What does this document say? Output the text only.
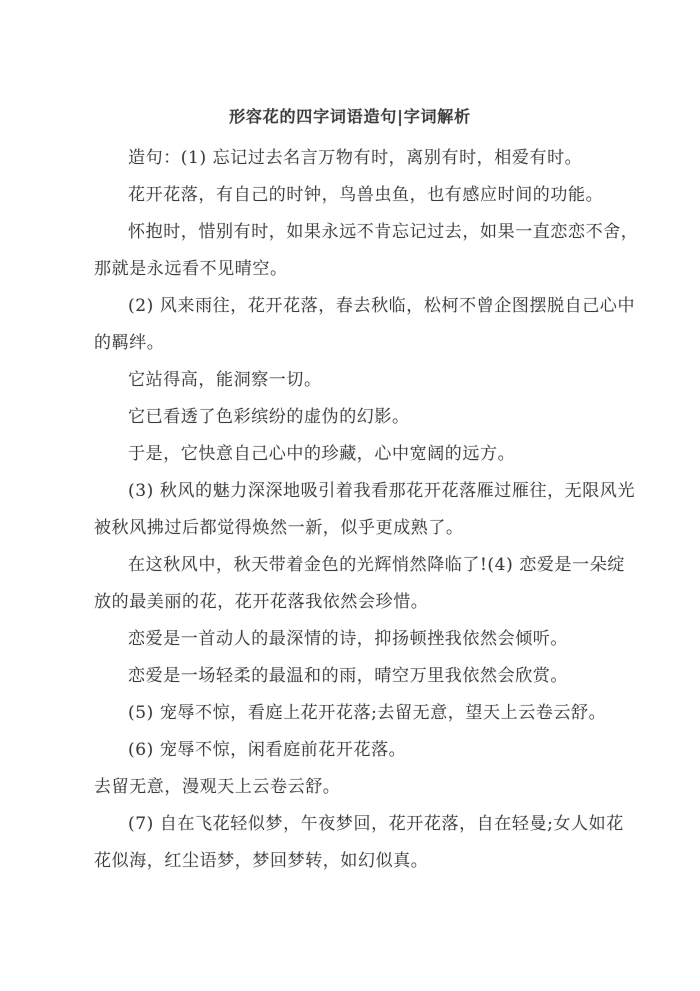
形容花的四字词语造句|字词解析

造句：(1) 忘记过去名言万物有时，离别有时，相爱有时。

花开花落，有自己的时钟，鸟兽虫鱼，也有感应时间的功能。

怀抱时，惜别有时，如果永远不肯忘记过去，如果一直恋恋不舍，

那就是永远看不见晴空。

(2) 风来雨往，花开花落，春去秋临，松柯不曾企图摆脱自己心中

的羁绊。

它站得高，能洞察一切。

它已看透了色彩缤纷的虚伪的幻影。

于是，它快意自己心中的珍藏，心中宽阔的远方。

(3) 秋风的魅力深深地吸引着我看那花开花落雁过雁往，无限风光

被秋风拂过后都觉得焕然一新，似乎更成熟了。

在这秋风中，秋天带着金色的光辉悄然降临了!(4) 恋爱是一朵绽

放的最美丽的花，花开花落我依然会珍惜。

恋爱是一首动人的最深情的诗，抑扬顿挫我依然会倾听。

恋爱是一场轻柔的最温和的雨，晴空万里我依然会欣赏。

(5) 宠辱不惊，看庭上花开花落;去留无意，望天上云卷云舒。

(6) 宠辱不惊，闲看庭前花开花落。

去留无意，漫观天上云卷云舒。

(7) 自在飞花轻似梦，午夜梦回，花开花落，自在轻曼;女人如花

花似海，红尘语梦，梦回梦转，如幻似真。
